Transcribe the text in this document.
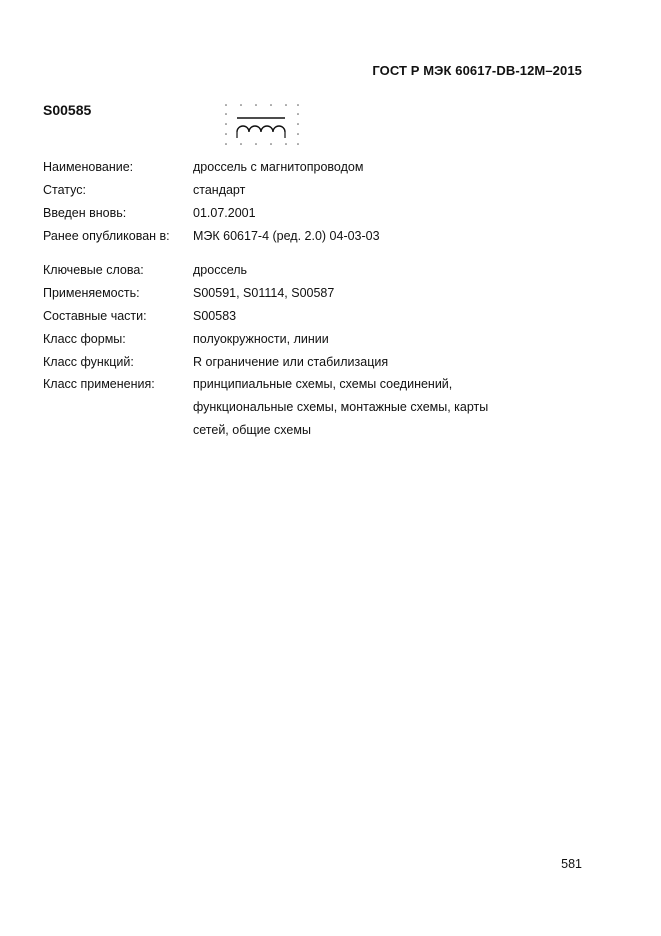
ГОСТ Р МЭК 60617-DB-12М–2015
S00585
Наименование:	дроссель с магнитопроводом
Статус:	стандарт
Введен вновь:	01.07.2001
Ранее опубликован в:	МЭК 60617-4 (ред. 2.0) 04-03-03
Ключевые слова:	дроссель
Применяемость:	S00591, S01114, S00587
Составные части:	S00583
Класс формы:	полуокружности, линии
Класс функций:	R ограничение или стабилизация
Класс применения:	принципиальные схемы, схемы соединений,
функциональные схемы, монтажные схемы, карты
сетей, общие схемы
581
